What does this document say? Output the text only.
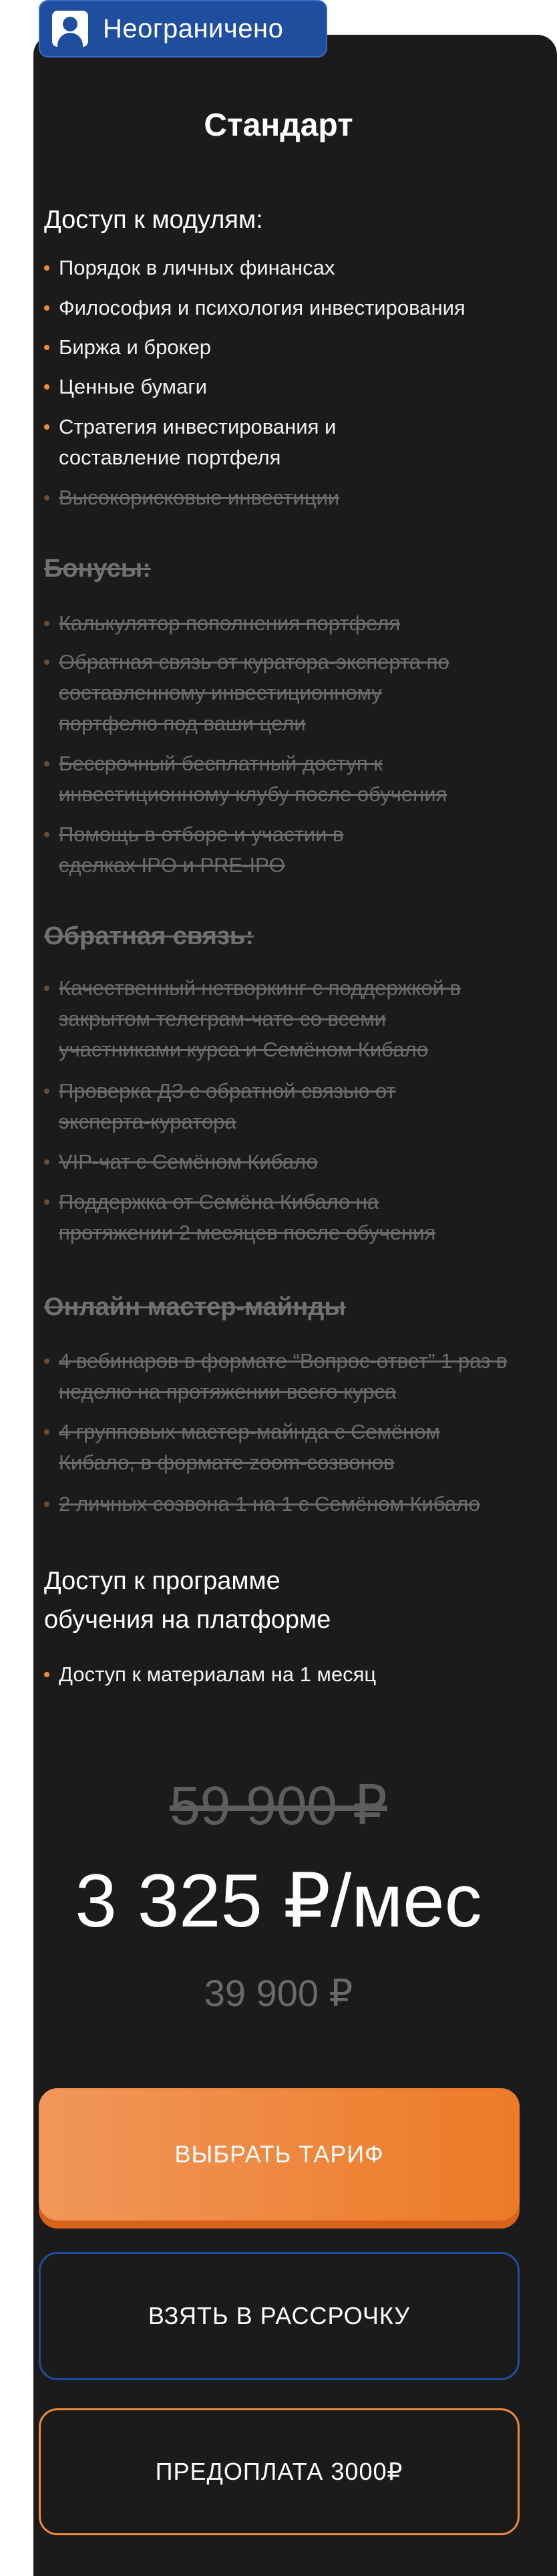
Неограничено
Стандарт
Доступ к модулям:
Порядок в личных финансах
Философия и психология инвестирования
Биржа и брокер
Ценные бумаги
Стратегия инвестирования и составление портфеля
Высокорисковые инвестиции
Бонусы:
Калькулятор пополнения портфеля
Обратная связь от куратора-эксперта по составленному инвестиционному портфелю под ваши цели
Бессрочный бесплатный доступ к инвестиционному клубу после обучения
Помощь в отборе и участии в сделках IPO и PRE-IPO
Обратная связь:
Качественный нетворкинг с поддержкой в закрытом телеграм-чате со всеми участниками курса и Семёном Кибало
Проверка ДЗ с обратной связью от эксперта-куратора
VIP-чат с Семёном Кибало
Поддержка от Семёна Кибало на протяжении 2 месяцев после обучения
Онлайн мастер-майнды
4 вебинаров в формате “Вопрос-ответ” 1 раз в неделю на протяжении всего курса
4 групповых мастер-майнда с Семёном Кибало, в формате zoom-созвонов
2 личных созвона 1 на 1 с Семёном Кибало
Доступ к программе
обучения на платформе
Доступ к материалам на 1 месяц
59 900 ₽
3 325 ₽/мес
39 900 ₽
ВЫБРАТЬ ТАРИФ
ВЗЯТЬ В РАССРОЧКУ
ПРЕДОПЛАТА 3000₽
